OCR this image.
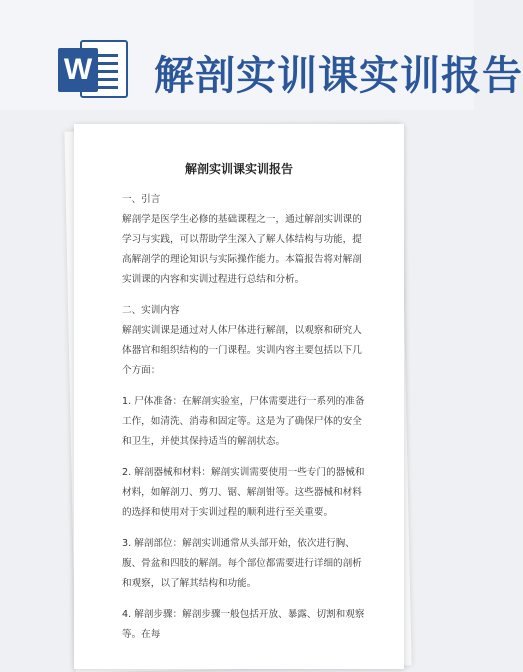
W 解剖实训课实训报告
解剖实训课实训报告

一、引言

解剖学是医学生必修的基础课程之一，通过解剖实训课的学习与实践，可以帮助学生深入了解人体结构与功能，提高解剖学的理论知识与实际操作能力。本篇报告将对解剖实训课的内容和实训过程进行总结和分析。

二、实训内容

解剖实训课是通过对人体尸体进行解剖，以观察和研究人体器官和组织结构的一门课程。实训内容主要包括以下几个方面：

1. 尸体准备：在解剖实验室，尸体需要进行一系列的准备工作，如清洗、消毒和固定等。这是为了确保尸体的安全和卫生，并使其保持适当的解剖状态。

2. 解剖器械和材料：解剖实训需要使用一些专门的器械和材料，如解剖刀、剪刀、锯、解剖钳等。这些器械和材料的选择和使用对于实训过程的顺利进行至关重要。

3. 解剖部位：解剖实训通常从头部开始，依次进行胸、腹、骨盆和四肢的解剖。每个部位都需要进行详细的剖析和观察，以了解其结构和功能。

4. 解剖步骤：解剖步骤一般包括开放、暴露、切割和观察等。在每
